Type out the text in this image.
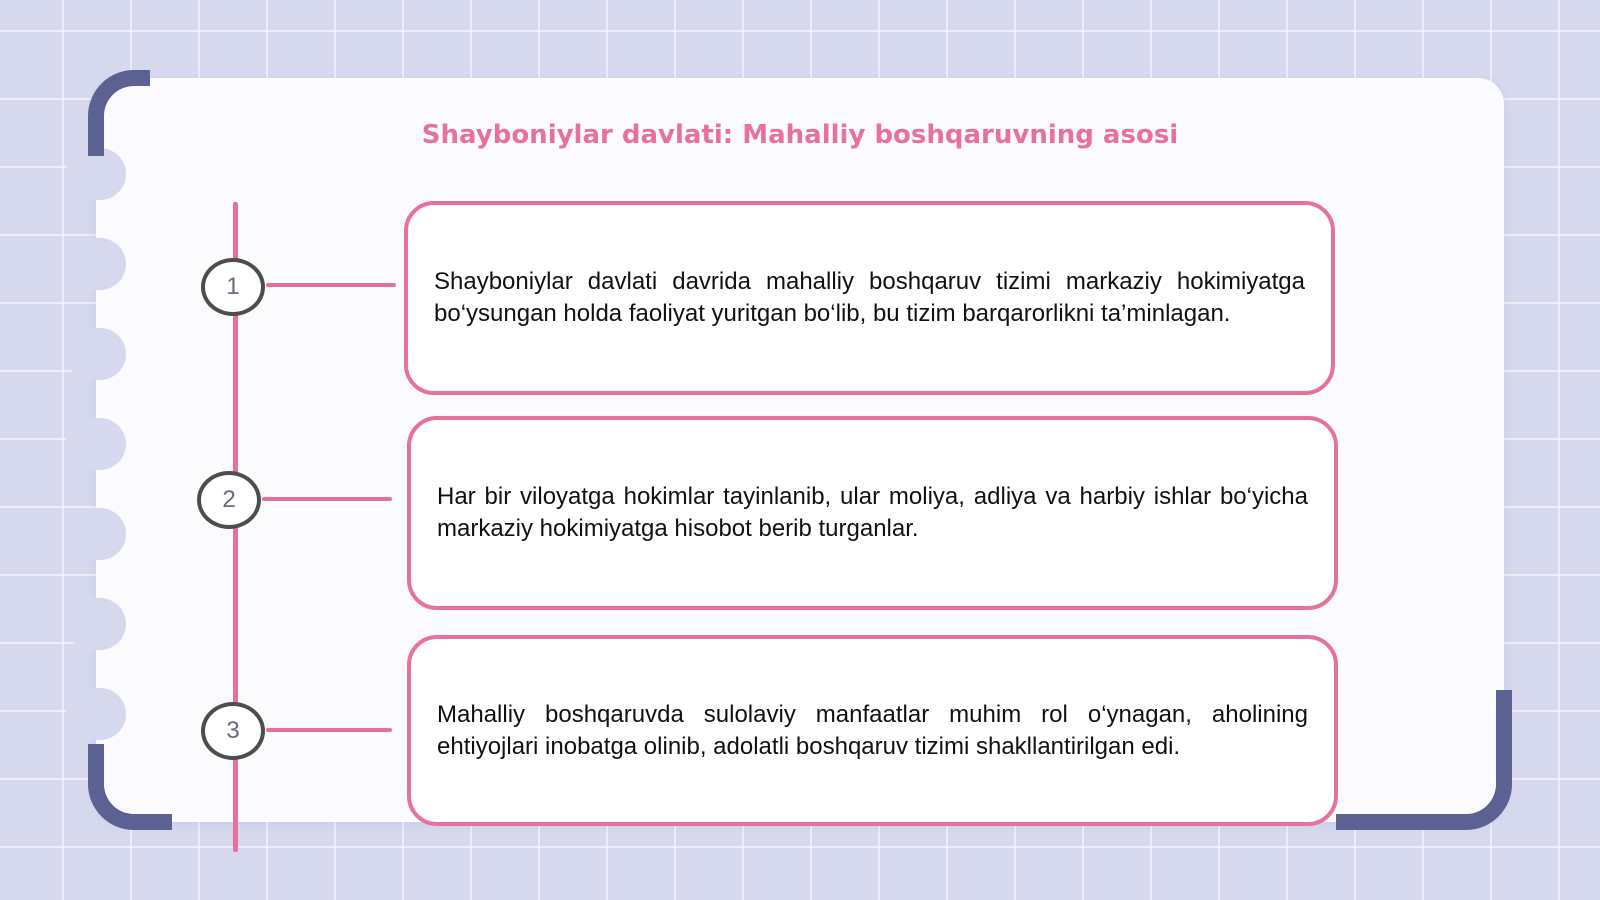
Shayboniylar davlati: Mahalliy boshqaruvning asosi
1
2
3
Shayboniylar davlati davrida mahalliy boshqaruv tizimi markaziy hokimiyatga bo‘ysungan holda faoliyat yuritgan bo‘lib, bu tizim barqarorlikni ta’minlagan.
Har bir viloyatga hokimlar tayinlanib, ular moliya, adliya va harbiy ishlar bo‘yicha markaziy hokimiyatga hisobot berib turganlar.
Mahalliy boshqaruvda sulolaviy manfaatlar muhim rol o‘ynagan, aholining ehtiyojlari inobatga olinib, adolatli boshqaruv tizimi shakllantirilgan edi.
